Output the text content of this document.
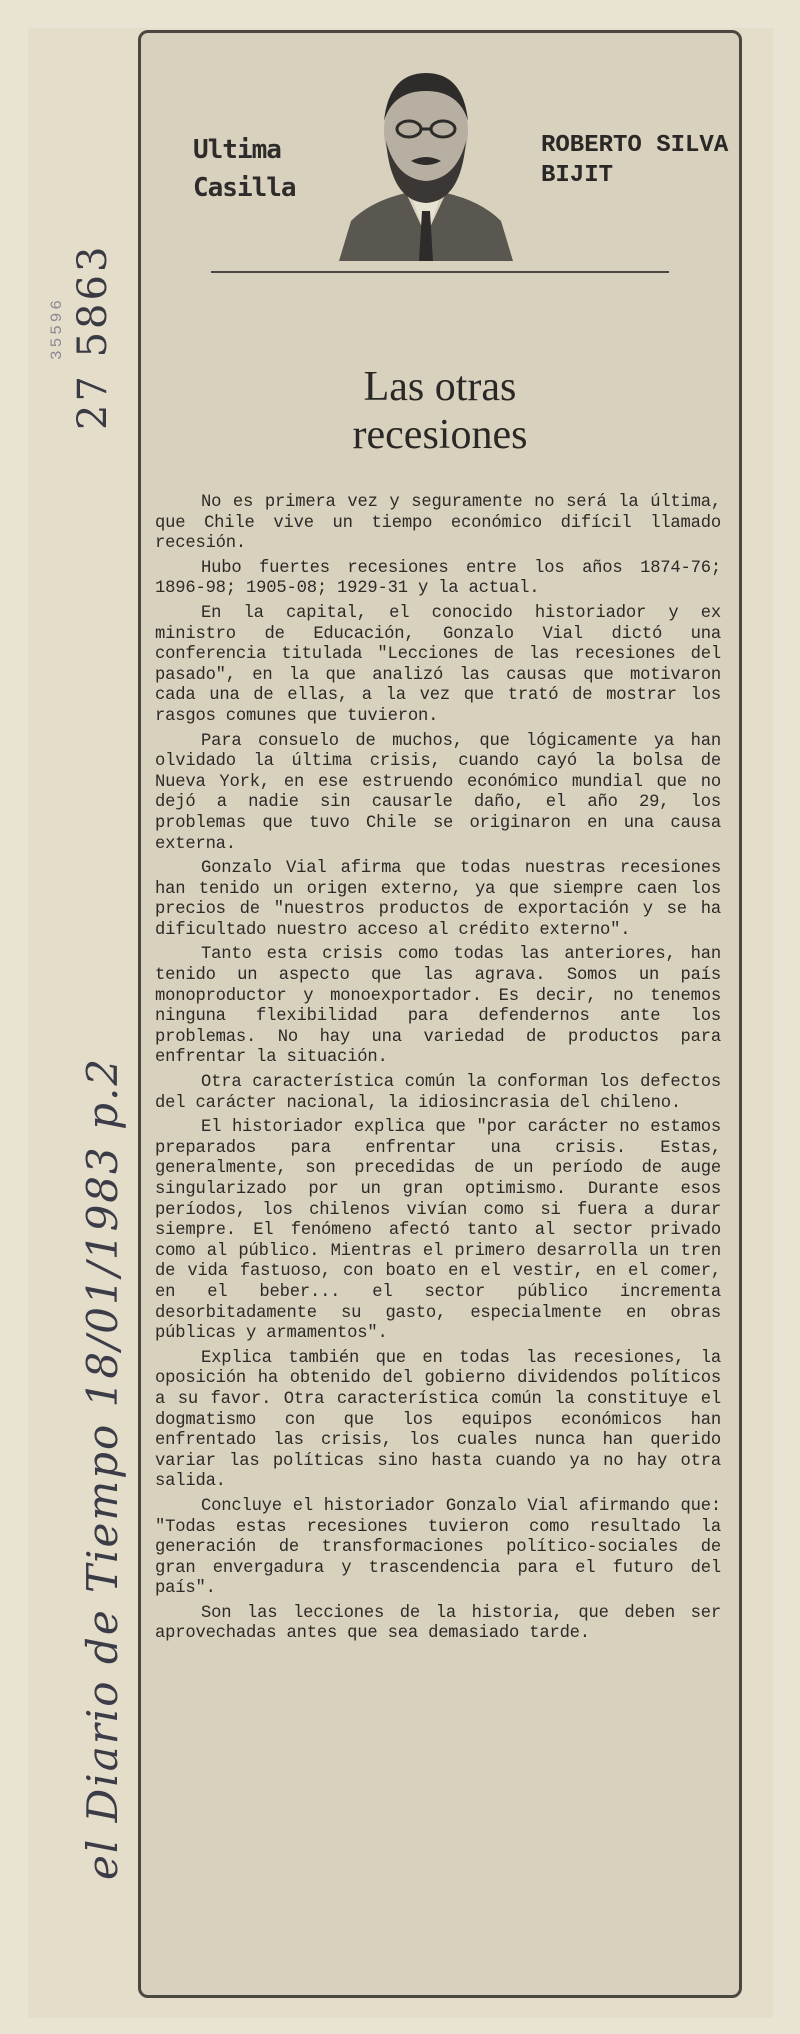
35596 27 5863
el Diario de Tiempo 18/01/1983 p.2
Ultima Casilla
ROBERTO SILVA BIJIT
Las otras
recesiones

No es primera vez y seguramente no será la última, que Chile vive un tiempo económico difícil llamado recesión.

Hubo fuertes recesiones entre los años 1874-76; 1896-98; 1905-08; 1929-31 y la actual.

En la capital, el conocido historiador y ex ministro de Educación, Gonzalo Vial dictó una conferencia titulada "Lecciones de las recesiones del pasado", en la que analizó las causas que motivaron cada una de ellas, a la vez que trató de mostrar los rasgos comunes que tuvieron.

Para consuelo de muchos, que lógicamente ya han olvidado la última crisis, cuando cayó la bolsa de Nueva York, en ese estruendo económico mundial que no dejó a nadie sin causarle daño, el año 29, los problemas que tuvo Chile se originaron en una causa externa.

Gonzalo Vial afirma que todas nuestras recesiones han tenido un origen externo, ya que siempre caen los precios de "nuestros productos de exportación y se ha dificultado nuestro acceso al crédito externo".

Tanto esta crisis como todas las anteriores, han tenido un aspecto que las agrava. Somos un país monoproductor y monoexportador. Es decir, no tenemos ninguna flexibilidad para defendernos ante los problemas. No hay una variedad de productos para enfrentar la situación.

Otra característica común la conforman los defectos del carácter nacional, la idiosincrasia del chileno.

El historiador explica que "por carácter no estamos preparados para enfrentar una crisis. Estas, generalmente, son precedidas de un período de auge singularizado por un gran optimismo. Durante esos períodos, los chilenos vivían como si fuera a durar siempre. El fenómeno afectó tanto al sector privado como al público. Mientras el primero desarrolla un tren de vida fastuoso, con boato en el vestir, en el comer, en el beber... el sector público incrementa desorbitadamente su gasto, especialmente en obras públicas y armamentos".

Explica también que en todas las recesiones, la oposición ha obtenido del gobierno dividendos políticos a su favor. Otra característica común la constituye el dogmatismo con que los equipos económicos han enfrentado las crisis, los cuales nunca han querido variar las políticas sino hasta cuando ya no hay otra salida.

Concluye el historiador Gonzalo Vial afirmando que: "Todas estas recesiones tuvieron como resultado la generación de transformaciones político-sociales de gran envergadura y trascendencia para el futuro del país".

Son las lecciones de la historia, que deben ser aprovechadas antes que sea demasiado tarde.
